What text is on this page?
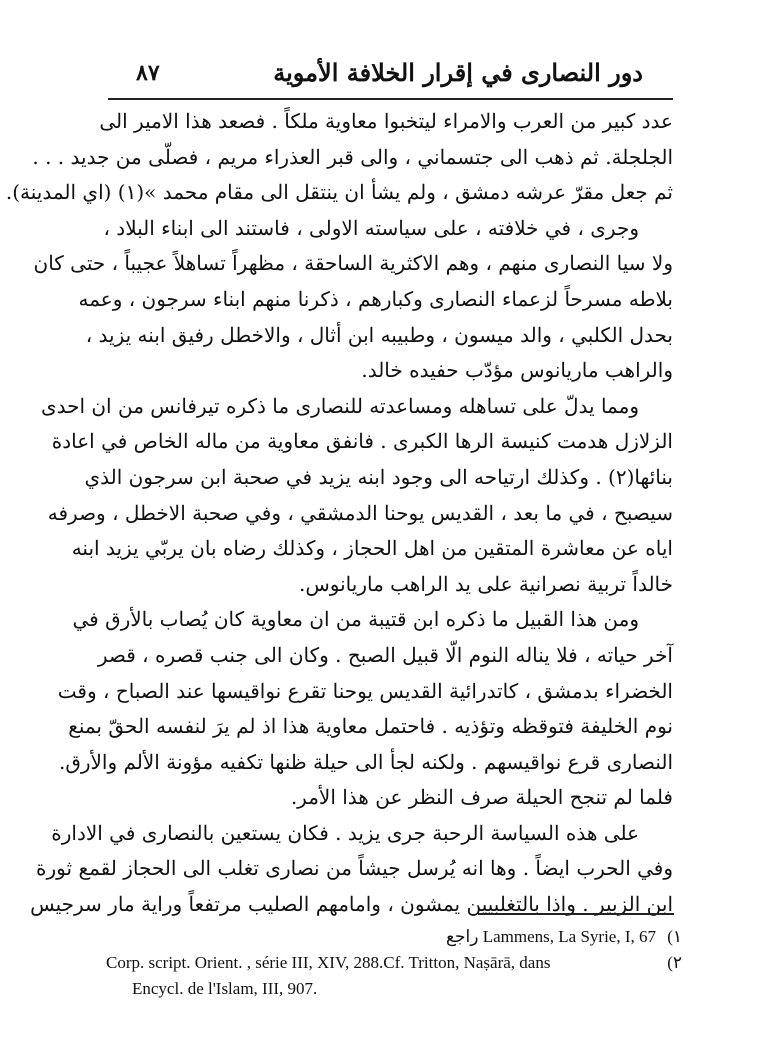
٨٧	دور النصارى في إقرار الخلافة الأموية
عدد كبير من العرب والامراء ليتخبوا معاوية ملكاً . فصعد هذا الامير الى
الجلجلة. ثم ذهب الى جتسماني ، والى قبر العذراء مريم ، فصلّى من جديد . . .
ثم جعل مقرّ عرشه دمشق ، ولم يشأ ان ينتقل الى مقام محمد »(١) (اي المدينة).
وجرى ، في خلافته ، على سياسته الاولى ، فاستند الى ابناء البلاد ،
ولا سيا النصارى منهم ، وهم الاكثرية الساحقة ، مظهراً تساهلاً عجيباً ، حتى كان
بلاطه مسرحاً لزعماء النصارى وكبارهم ، ذكرنا منهم ابناء سرجون ، وعمه
بحدل الكلبي ، والد ميسون ، وطبيبه ابن أثال ، والاخطل رفيق ابنه يزيد ،
والراهب ماريانوس مؤدّب حفيده خالد.
ومما يدلّ على تساهله ومساعدته للنصارى ما ذكره تيرفانس من ان احدى
الزلازل هدمت كنيسة الرها الكبرى . فانفق معاوية من ماله الخاص في اعادة
بنائها(٢) . وكذلك ارتياحه الى وجود ابنه يزيد في صحبة ابن سرجون الذي
سيصبح ، في ما بعد ، القديس يوحنا الدمشقي ، وفي صحبة الاخطل ، وصرفه
اياه عن معاشرة المتقين من اهل الحجاز ، وكذلك رضاه بان يربّي يزيد ابنه
خالداً تربية نصرانية على يد الراهب ماريانوس.
ومن هذا القبيل ما ذكره ابن قتيبة من ان معاوية كان يُصاب بالأرق في
آخر حياته ، فلا يناله النوم الّا قبيل الصبح . وكان الى جنب قصره ، قصر
الخضراء بدمشق ، كاتدرائية القديس يوحنا تقرع نواقيسها عند الصباح ، وقت
نوم الخليفة فتوقظه وتؤذيه . فاحتمل معاوية هذا اذ لم يرَ لنفسه الحقّ بمنع
النصارى قرع نواقيسهم . ولكنه لجأ الى حيلة ظنها تكفيه مؤونة الألم والأرق.
فلما لم تنجح الحيلة صرف النظر عن هذا الأمر.
على هذه السياسة الرحبة جرى يزيد . فكان يستعين بالنصارى في الادارة
وفي الحرب ايضاً . وها انه يُرسل جيشاً من نصارى تغلب الى الحجاز لقمع ثورة
ابن الزبير . واذا بالتغلبيين يمشون ، وامامهم الصليب مرتفعاً وراية مار سرجيس
١)
راجع Lammens, La Syrie, I, 67
٢)
Corp. script. Orient. , série III, XIV, 288.Cf. Tritton, Naṣārā, dans
Encycl. de l'Islam, III, 907.
